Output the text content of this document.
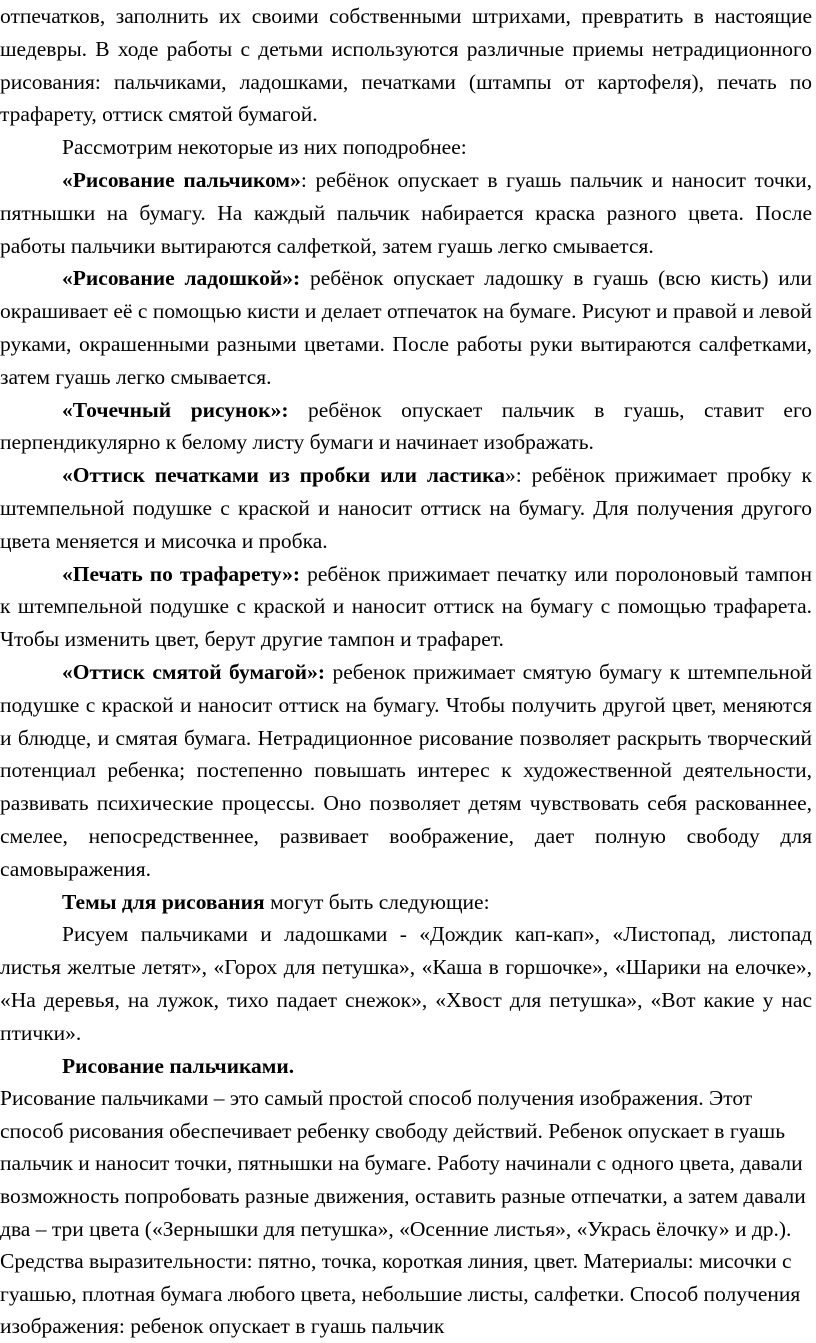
отпечатков, заполнить их своими собственными штрихами, превратить в настоящие шедевры. В ходе работы с детьми используются различные приемы нетрадиционного рисования: пальчиками, ладошками, печатками (штампы от картофеля), печать по трафарету, оттиск смятой бумагой.

Рассмотрим некоторые из них поподробнее:

«Рисование пальчиком»: ребёнок опускает в гуашь пальчик и наносит точки, пятнышки на бумагу. На каждый пальчик набирается краска разного цвета. После работы пальчики вытираются салфеткой, затем гуашь легко смывается.

«Рисование ладошкой»: ребёнок опускает ладошку в гуашь (всю кисть) или окрашивает её с помощью кисти и делает отпечаток на бумаге. Рисуют и правой и левой руками, окрашенными разными цветами. После работы руки вытираются салфетками, затем гуашь легко смывается.

«Точечный рисунок»: ребёнок опускает пальчик в гуашь, ставит его перпендикулярно к белому листу бумаги и начинает изображать.

«Оттиск печатками из пробки или ластика»: ребёнок прижимает пробку к штемпельной подушке с краской и наносит оттиск на бумагу. Для получения другого цвета меняется и мисочка и пробка.

«Печать по трафарету»: ребёнок прижимает печатку или поролоновый тампон к штемпельной подушке с краской и наносит оттиск на бумагу с помощью трафарета. Чтобы изменить цвет, берут другие тампон и трафарет.

«Оттиск смятой бумагой»: ребенок прижимает смятую бумагу к штемпельной подушке с краской и наносит оттиск на бумагу. Чтобы получить другой цвет, меняются и блюдце, и смятая бумага. Нетрадиционное рисование позволяет раскрыть творческий потенциал ребенка; постепенно повышать интерес к художественной деятельности, развивать психические процессы. Оно позволяет детям чувствовать себя раскованнее, смелее, непосредственнее, развивает воображение, дает полную свободу для самовыражения.

Темы для рисования могут быть следующие:

Рисуем пальчиками и ладошками - «Дождик кап-кап», «Листопад, листопад листья желтые летят», «Горох для петушка», «Каша в горшочке», «Шарики на елочке», «На деревья, на лужок, тихо падает снежок», «Хвост для петушка», «Вот какие у нас птички».

Рисование пальчиками.

Рисование пальчиками – это самый простой способ получения изображения. Этот способ рисования обеспечивает ребенку свободу действий. Ребенок опускает в гуашь пальчик и наносит точки, пятнышки на бумаге. Работу начинали с одного цвета, давали возможность попробовать разные движения, оставить разные отпечатки, а затем давали два – три цвета («Зернышки для петушка», «Осенние листья», «Укрась ёлочку» и др.). Средства выразительности: пятно, точка, короткая линия, цвет. Материалы: мисочки с гуашью, плотная бумага любого цвета, небольшие листы, салфетки. Способ получения изображения: ребенок опускает в гуашь пальчик
